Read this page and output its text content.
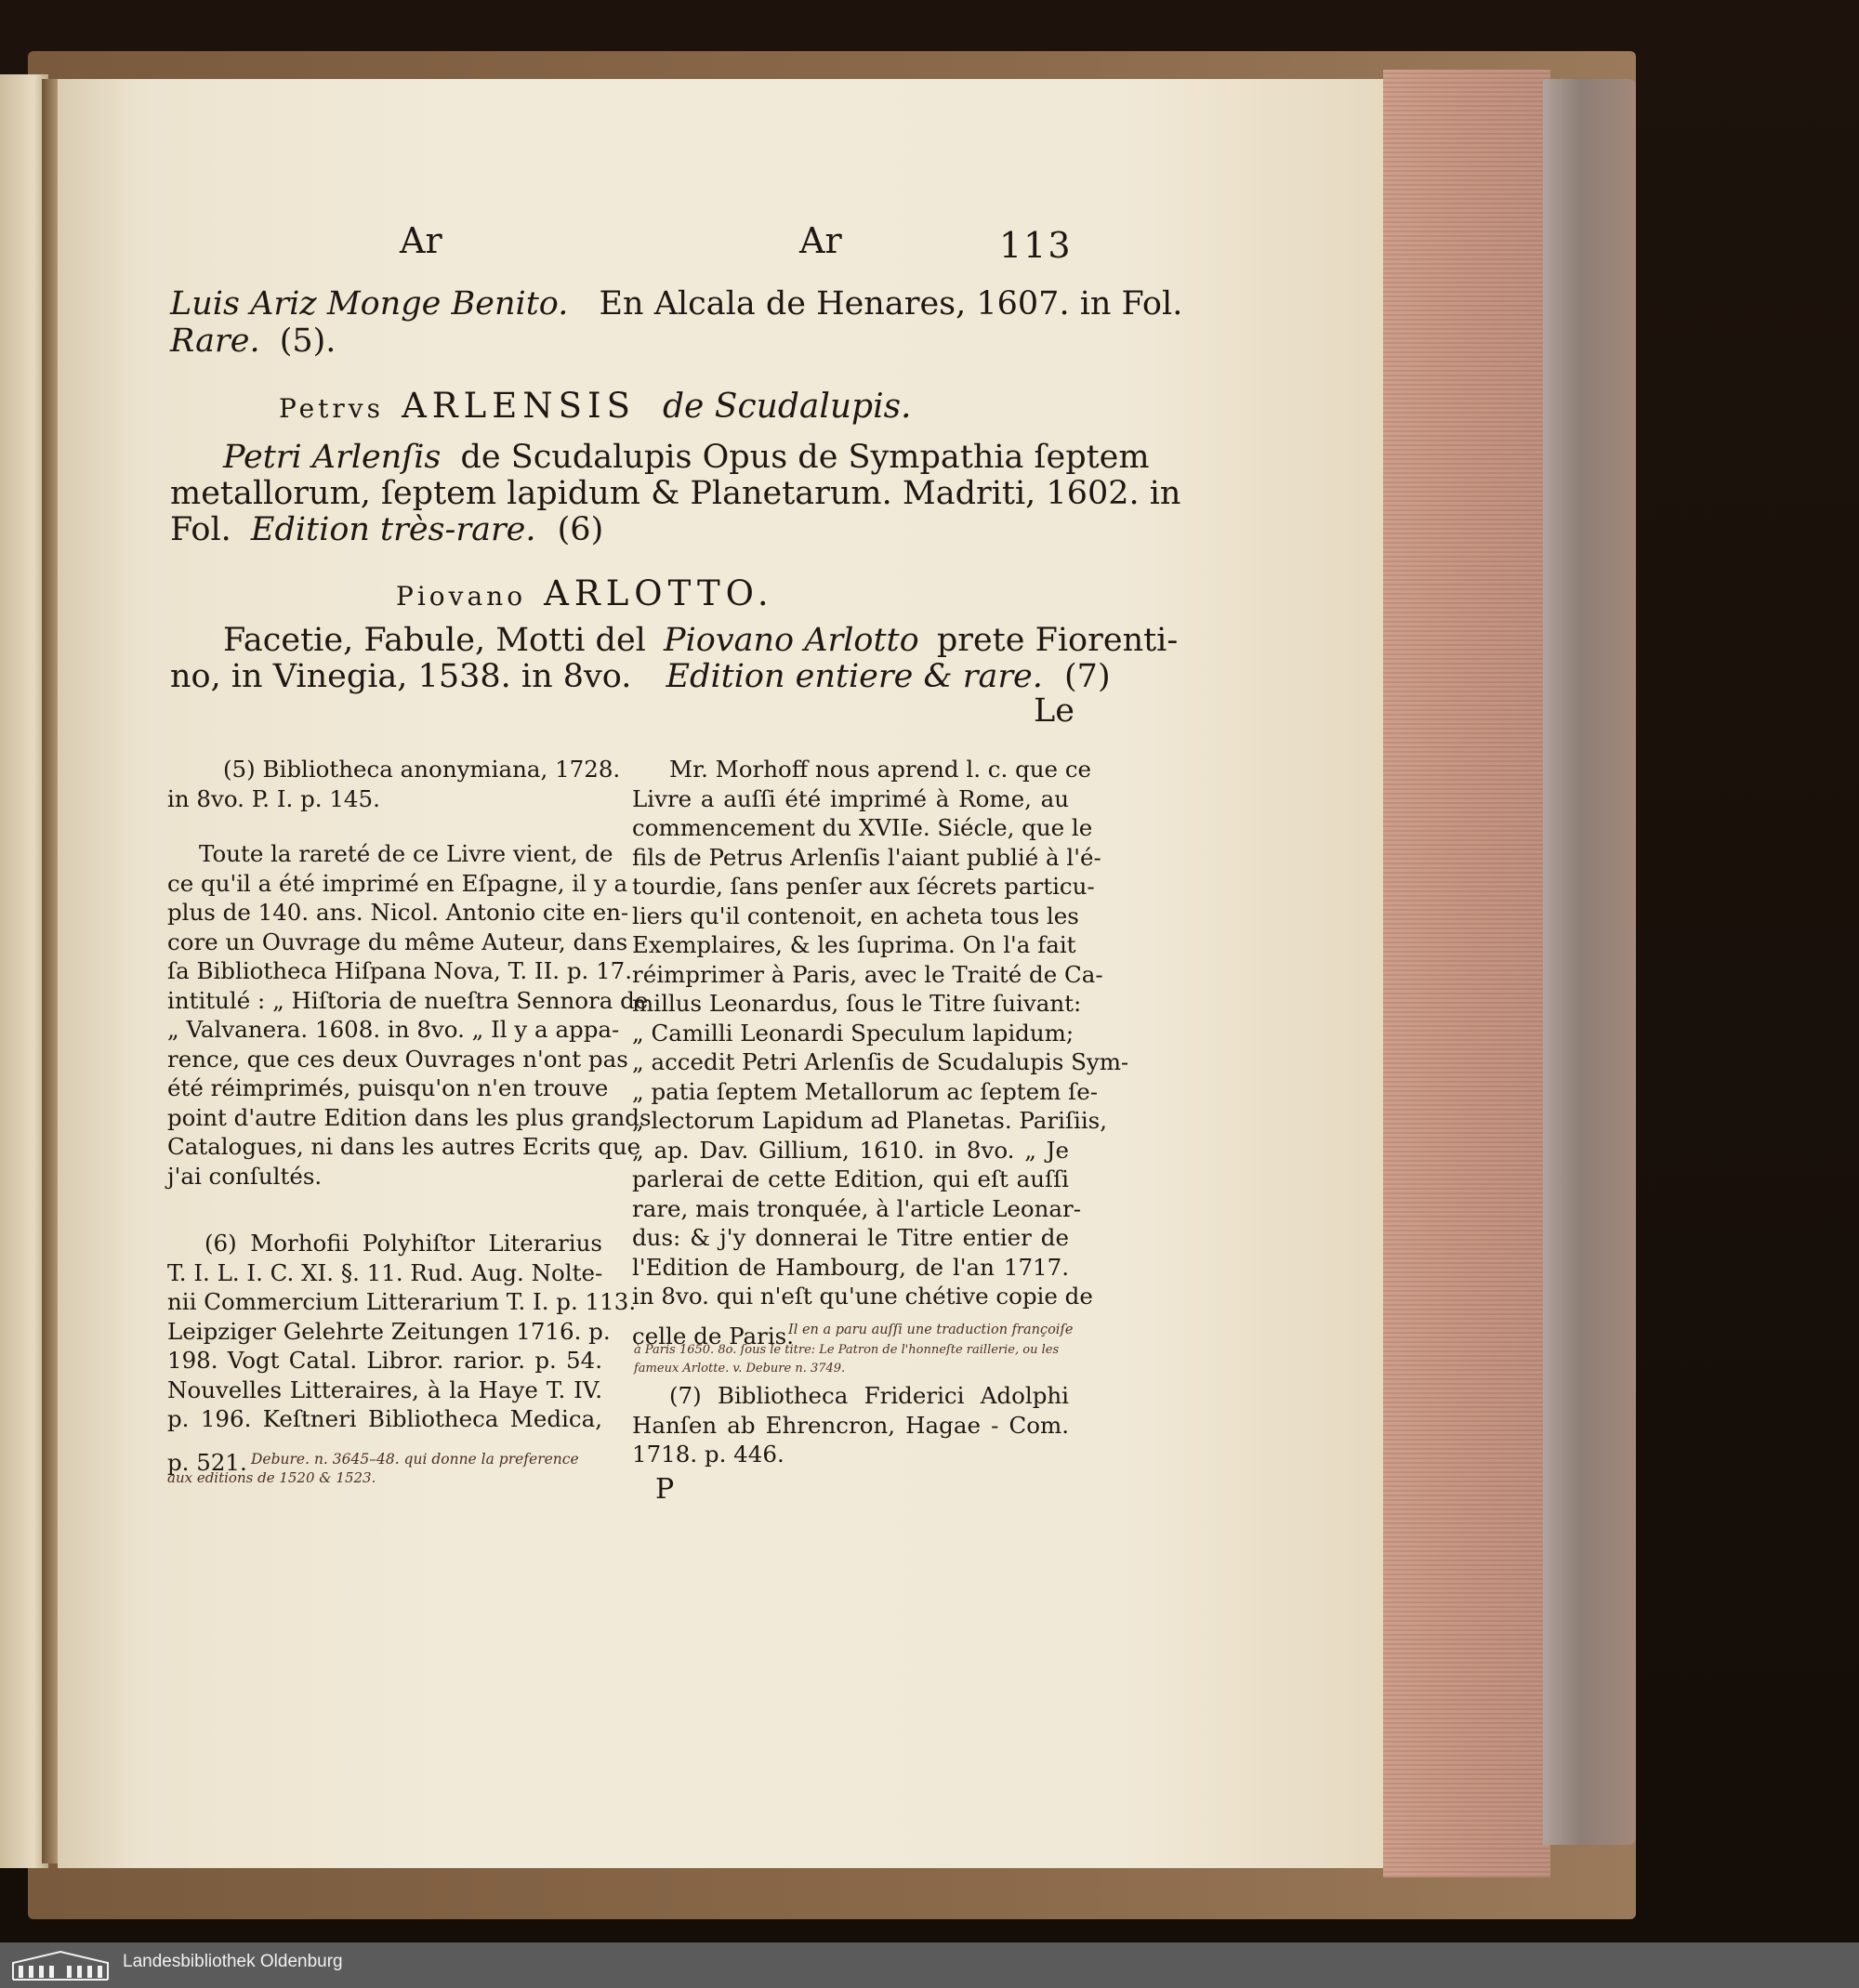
Ar	Ar	113
Luis Ariz Monge Benito. En Alcala de Henares, 1607. in Fol.
Rare. (5).
Petrvs ARLENSIS de Scudalupis.
Petri Arlenſis de Scudalupis Opus de Sympathia ſeptem
metallorum, ſeptem lapidum & Planetarum. Madriti, 1602. in
Fol. Edition très-rare. (6)
Piovano ARLOTTO.
Facetie, Fabule, Motti del Piovano Arlotto prete Fiorenti-
no, in Vinegia, 1538. in 8vo. Edition entiere & rare. (7)
Le
(5) Bibliotheca anonymiana, 1728.
in 8vo. P. I. p. 145.
Toute la rareté de ce Livre vient, de
ce qu'il a été imprimé en Eſpagne, il y a
plus de 140. ans. Nicol. Antonio cite en-
core un Ouvrage du même Auteur, dans
ſa Bibliotheca Hiſpana Nova, T. II. p. 17.
intitulé : „ Hiſtoria de nueſtra Sennora de
„ Valvanera. 1608. in 8vo. „ Il y a appa-
rence, que ces deux Ouvrages n'ont pas
été réimprimés, puisqu'on n'en trouve
point d'autre Edition dans les plus grands
Catalogues, ni dans les autres Ecrits que
j'ai conſultés.
(6) Morhofii Polyhiſtor Literarius
T. I. L. I. C. XI. §. 11. Rud. Aug. Nolte-
nii Commercium Litterarium T. I. p. 113.
Leipziger Gelehrte Zeitungen 1716. p.
198. Vogt Catal. Libror. rarior. p. 54.
Nouvelles Litteraires, à la Haye T. IV.
p. 196. Keſtneri Bibliotheca Medica,
p. 521. Debure. n. 3645–48. qui donne la preference
aux editions de 1520 & 1523.
Mr. Morhoff nous aprend l. c. que ce
Livre a auſſi été imprimé à Rome, au
commencement du XVIIe. Siécle, que le
fils de Petrus Arlenſis l'aiant publié à l'é-
tourdie, ſans penſer aux ſécrets particu-
liers qu'il contenoit, en acheta tous les
Exemplaires, & les ſuprima. On l'a fait
réimprimer à Paris, avec le Traité de Ca-
millus Leonardus, ſous le Titre ſuivant:
„ Camilli Leonardi Speculum lapidum;
„ accedit Petri Arlenſis de Scudalupis Sym-
„ patia ſeptem Metallorum ac ſeptem ſe-
„ lectorum Lapidum ad Planetas. Pariſiis,
„ ap. Dav. Gillium, 1610. in 8vo. „ Je
parlerai de cette Edition, qui eſt auſſi
rare, mais tronquée, à l'article Leonar-
dus: & j'y donnerai le Titre entier de
l'Edition de Hambourg, de l'an 1717.
in 8vo. qui n'eſt qu'une chétive copie de
celle de Paris.
Il en a paru auſſi une traduction françoiſe
à Paris 1650. 8o. ſous le titre: Le Patron de l'honneſte raillerie, ou les
fameux Arlotte. v. Debure n. 3749.
(7) Bibliotheca Friderici Adolphi
Hanſen ab Ehrencron, Hagae - Com.
1718. p. 446.
P
Landesbibliothek Oldenburg
